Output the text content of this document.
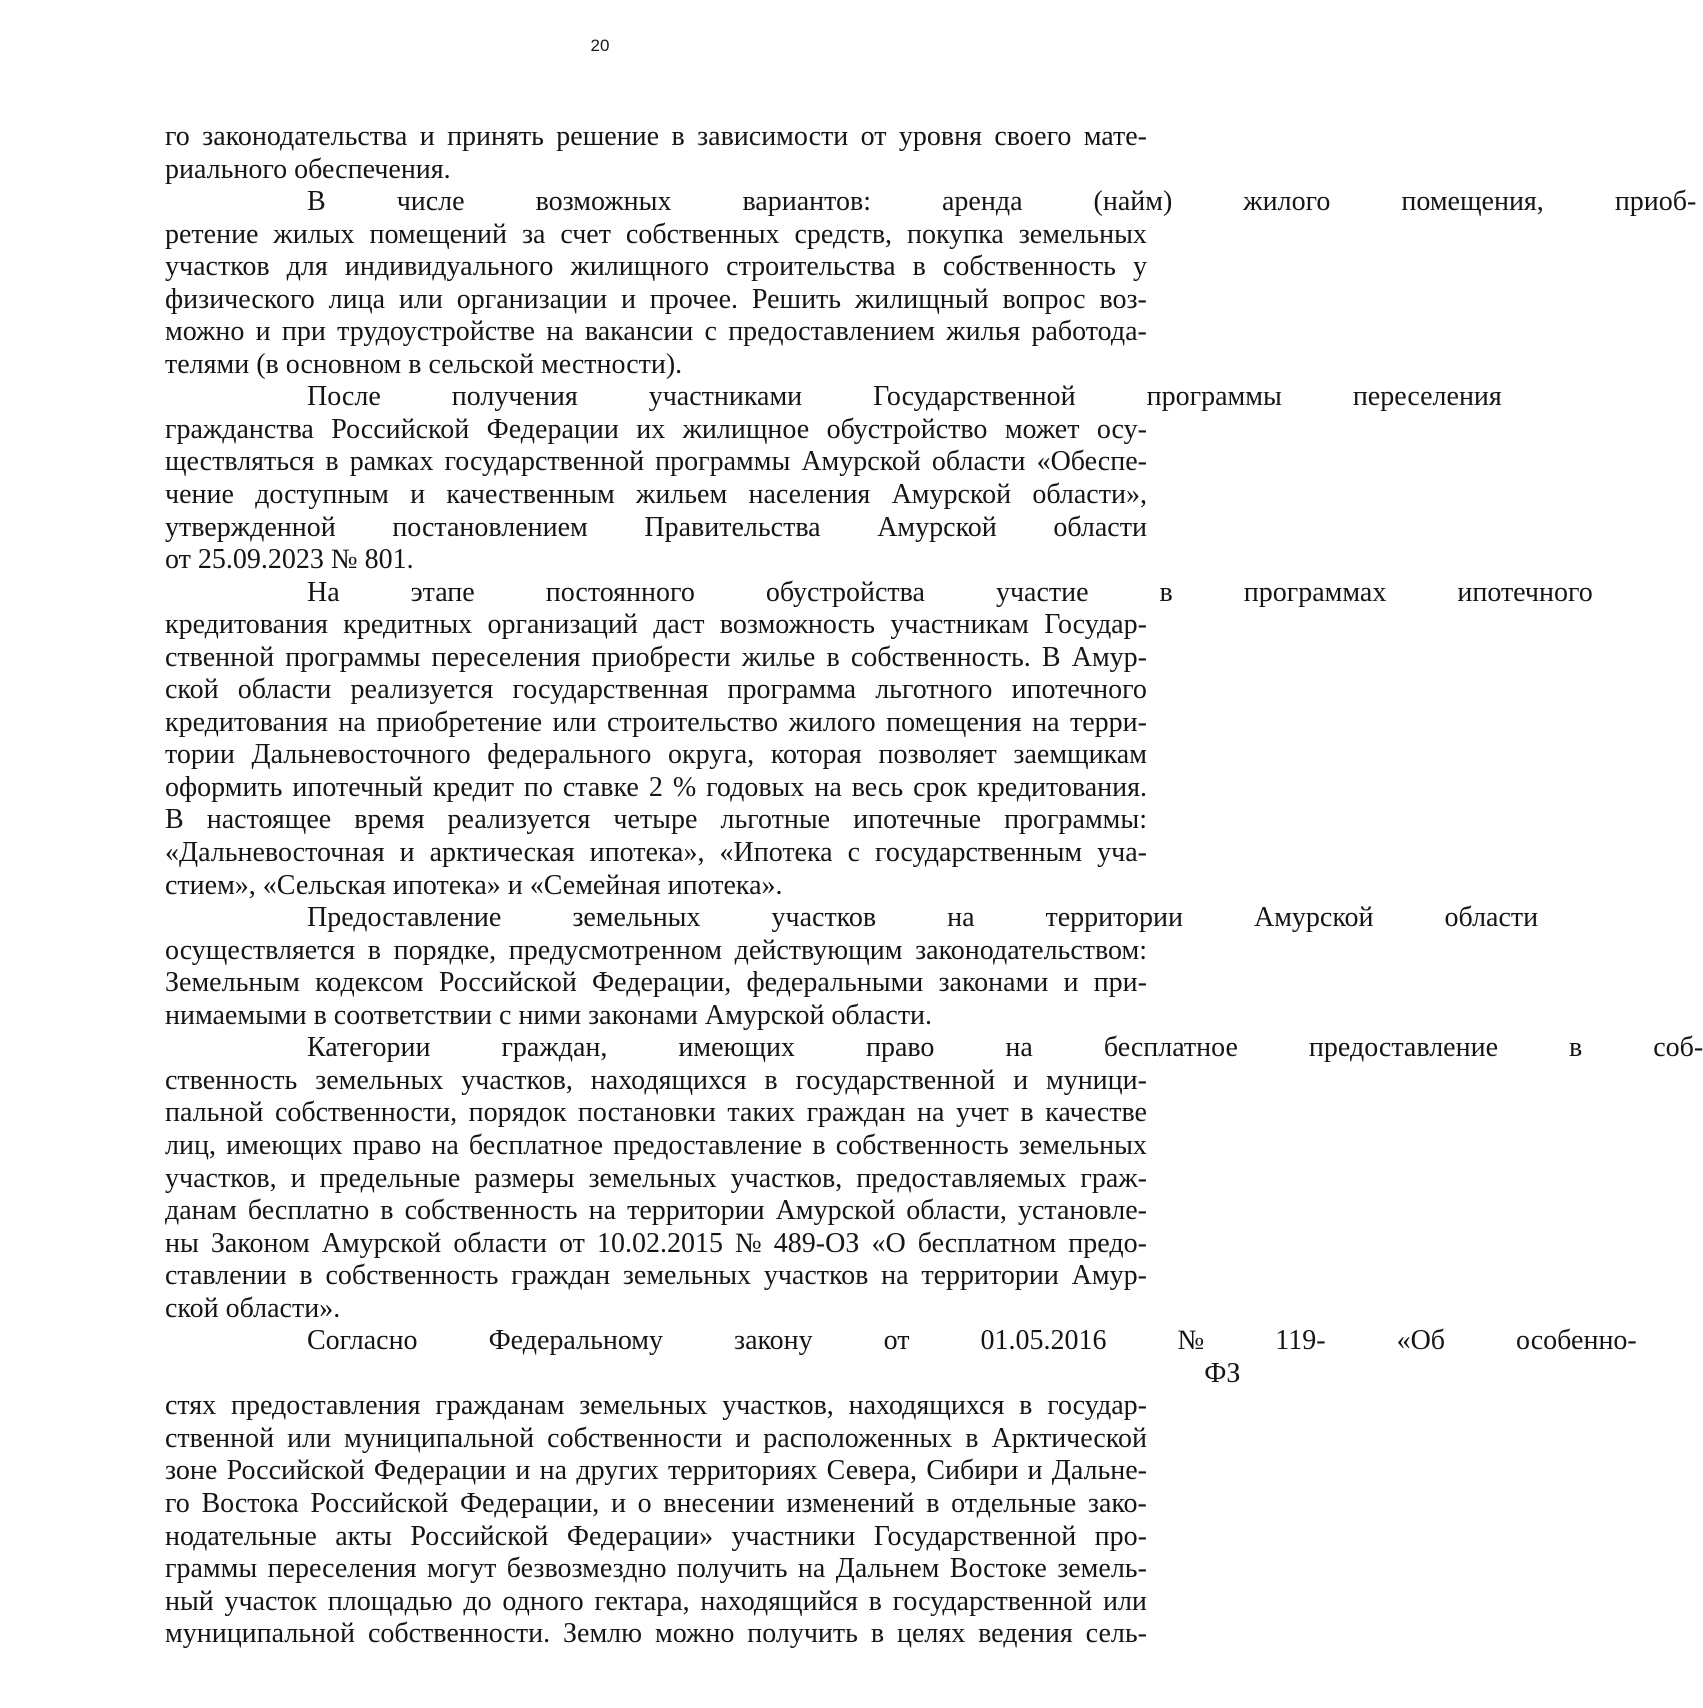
20
го законодательства и принять решение в зависимости от уровня своего мате-
риального обеспечения.
В	числе	возможных	вариантов:	аренда	(найм)	жилого	помещения,	приоб-
ретение жилых помещений за счет собственных средств, покупка земельных
участков для индивидуального жилищного строительства в собственность у
физического лица или организации и прочее. Решить жилищный вопрос воз-
можно и при трудоустройстве на вакансии с предоставлением жилья работода-
телями (в основном в сельской местности).
После	получения	участниками	Государственной	программы	переселения
гражданства Российской Федерации их жилищное обустройство может осу-
ществляться в рамках государственной программы Амурской области «Обеспе-
чение доступным и качественным жильем населения Амурской области»,
утвержденной постановлением Правительства Амурской области
от 25.09.2023 № 801.
На	этапе	постоянного	обустройства	участие	в	программах	ипотечного
кредитования кредитных организаций даст возможность участникам Государ-
ственной программы переселения приобрести жилье в собственность. В Амур-
ской области реализуется государственная программа льготного ипотечного
кредитования на приобретение или строительство жилого помещения на терри-
тории Дальневосточного федерального округа, которая позволяет заемщикам
оформить ипотечный кредит по ставке 2 % годовых на весь срок кредитования.
В настоящее время реализуется четыре льготные ипотечные программы:
«Дальневосточная и арктическая ипотека», «Ипотека с государственным уча-
стием», «Сельская ипотека» и «Семейная ипотека».
Предоставление	земельных	участков	на	территории	Амурской	области
осуществляется в порядке, предусмотренном действующим законодательством:
Земельным кодексом Российской Федерации, федеральными законами и при-
нимаемыми в соответствии с ними законами Амурской области.
Категории	граждан,	имеющих	право	на	бесплатное	предоставление	в	соб-
ственность земельных участков, находящихся в государственной и муници-
пальной собственности, порядок постановки таких граждан на учет в качестве
лиц, имеющих право на бесплатное предоставление в собственность земельных
участков, и предельные размеры земельных участков, предоставляемых граж-
данам бесплатно в собственность на территории Амурской области, установле-
ны Законом Амурской области от 10.02.2015 № 489-ОЗ «О бесплатном предо-
ставлении в собственность граждан земельных участков на территории Амур-
ской области».
Согласно	Федеральному	закону	от	01.05.2016	№	119-ФЗ
«Об	особенно-
стях предоставления гражданам земельных участков, находящихся в государ-
ственной или муниципальной собственности и расположенных в Арктической
зоне Российской Федерации и на других территориях Севера, Сибири и Дальне-
го Востока Российской Федерации, и о внесении изменений в отдельные зако-
нодательные акты Российской Федерации» участники Государственной про-
граммы переселения могут безвозмездно получить на Дальнем Востоке земель-
ный участок площадью до одного гектара, находящийся в государственной или
муниципальной собственности. Землю можно получить в целях ведения сель-
